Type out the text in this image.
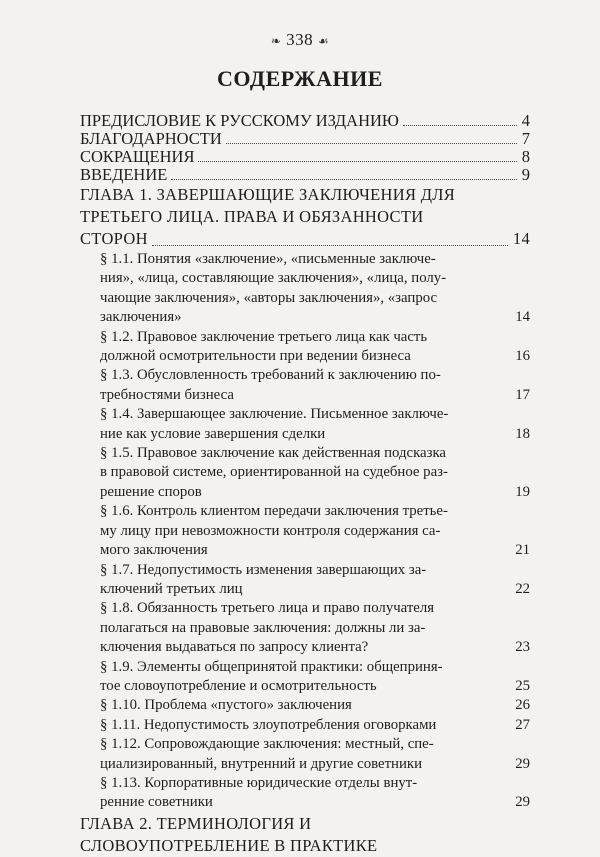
❧ 338 ☙
СОДЕРЖАНИЕ
ПРЕДИСЛОВИЕ К РУССКОМУ ИЗДАНИЮ	4
БЛАГОДАРНОСТИ	7
СОКРАЩЕНИЯ	8
ВВЕДЕНИЕ	9
ГЛАВА 1. ЗАВЕРШАЮЩИЕ ЗАКЛЮЧЕНИЯ ДЛЯ
ТРЕТЬЕГО ЛИЦА. ПРАВА И ОБЯЗАННОСТИ
СТОРОН	14
§ 1.1. Понятия «заключение», «письменные заключе-
ния», «лица, составляющие заключения», «лица, полу-
чающие заключения», «авторы заключения», «запрос
заключения»	14
§ 1.2. Правовое заключение третьего лица как часть
должной осмотрительности при ведении бизнеса	16
§ 1.3. Обусловленность требований к заключению по-
требностями бизнеса	17
§ 1.4. Завершающее заключение. Письменное заключе-
ние как условие завершения сделки	18
§ 1.5. Правовое заключение как действенная подсказка
в правовой системе, ориентированной на судебное раз-
решение споров	19
§ 1.6. Контроль клиентом передачи заключения третье-
му лицу при невозможности контроля содержания са-
мого заключения	21
§ 1.7. Недопустимость изменения завершающих за-
ключений третьих лиц	22
§ 1.8. Обязанность третьего лица и право получателя
полагаться на правовые заключения: должны ли за-
ключения выдаваться по запросу клиента?	23
§ 1.9. Элементы общепринятой практики: общеприня-
тое словоупотребление и осмотрительность	25
§ 1.10. Проблема «пустого» заключения	26
§ 1.11. Недопустимость злоупотребления оговорками	27
§ 1.12. Сопровождающие заключения: местный, спе-
циализированный, внутренний и другие советники	29
§ 1.13. Корпоративные юридические отделы внут-
ренние советники	29
ГЛАВА 2. ТЕРМИНОЛОГИЯ И
СЛОВОУПОТРЕБЛЕНИЕ В ПРАКТИКЕ
